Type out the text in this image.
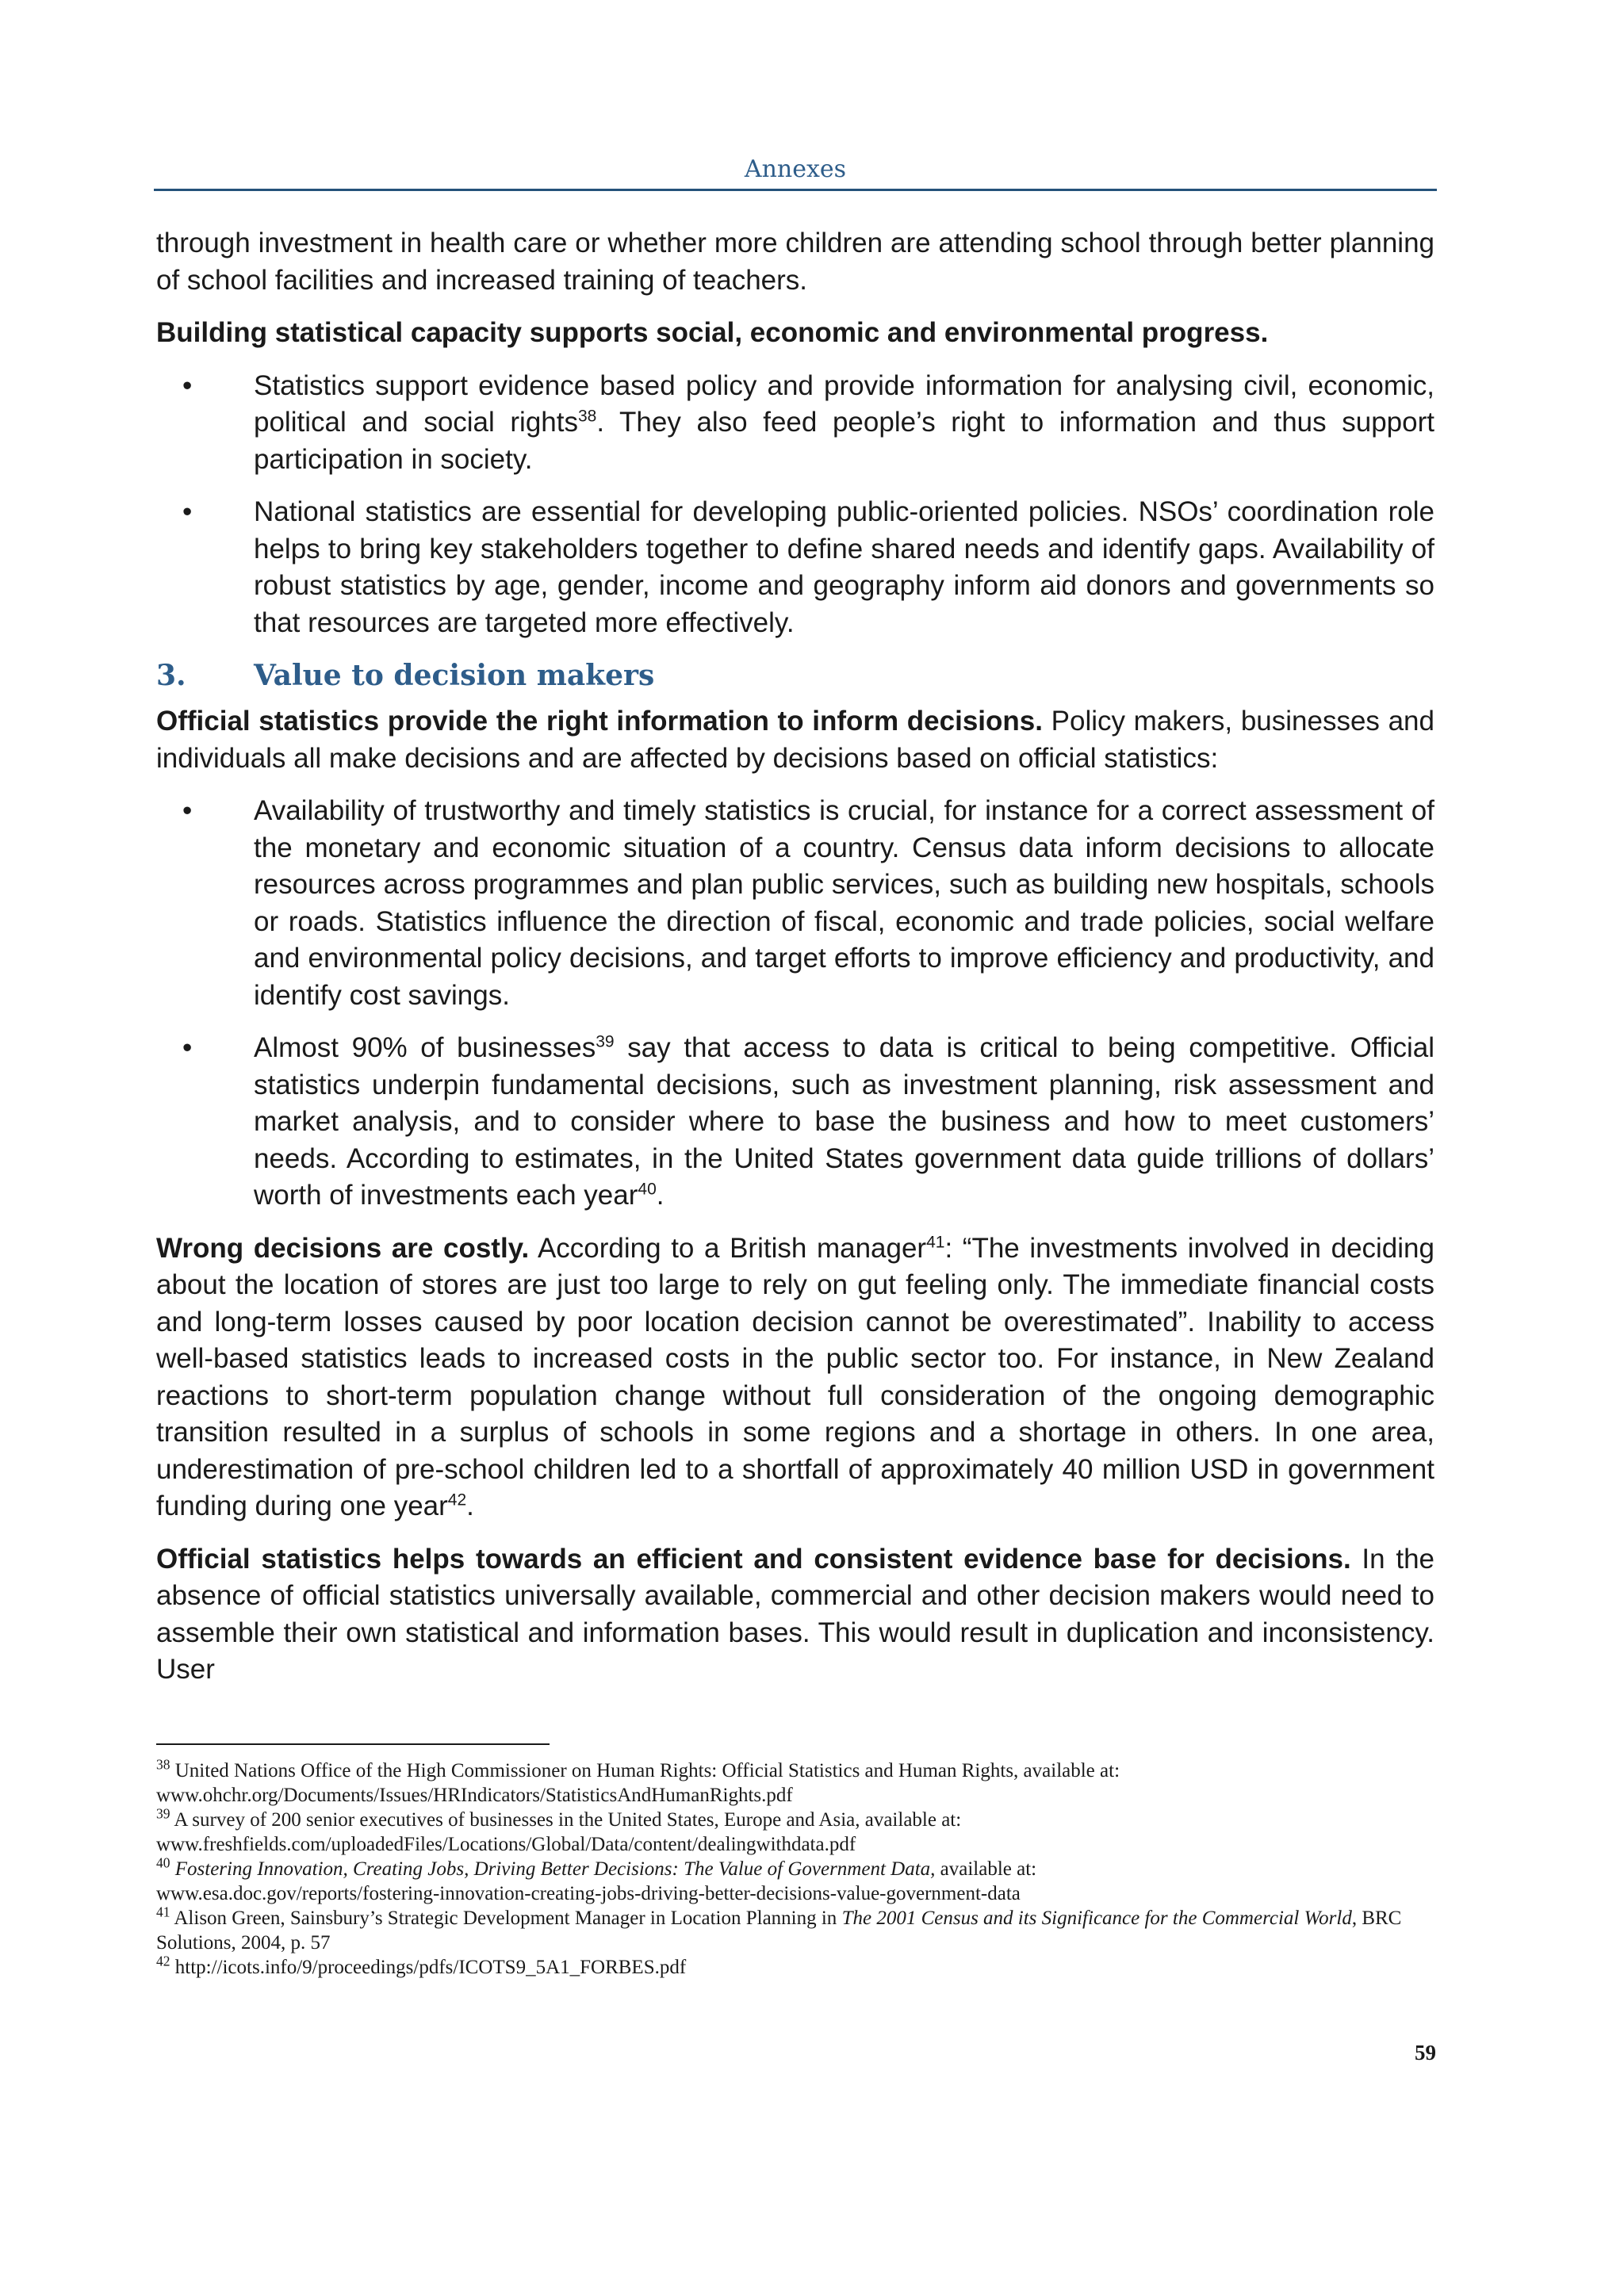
Annexes

through investment in health care or whether more children are attending school through better planning of school facilities and increased training of teachers.

Building statistical capacity supports social, economic and environmental progress.

• Statistics support evidence based policy and provide information for analysing civil, economic, political and social rights$^{38}$. They also feed people’s right to information and thus support participation in society.
• National statistics are essential for developing public-oriented policies. NSOs’ coordination role helps to bring key stakeholders together to define shared needs and identify gaps. Availability of robust statistics by age, gender, income and geography inform aid donors and governments so that resources are targeted more effectively.
3. Value to decision makers

Official statistics provide the right information to inform decisions. Policy makers, businesses and individuals all make decisions and are affected by decisions based on official statistics:

• Availability of trustworthy and timely statistics is crucial, for instance for a correct assessment of the monetary and economic situation of a country. Census data inform decisions to allocate resources across programmes and plan public services, such as building new hospitals, schools or roads. Statistics influence the direction of fiscal, economic and trade policies, social welfare and environmental policy decisions, and target efforts to improve efficiency and productivity, and identify cost savings.
• Almost 90% of businesses$^{39}$ say that access to data is critical to being competitive. Official statistics underpin fundamental decisions, such as investment planning, risk assessment and market analysis, and to consider where to base the business and how to meet customers’ needs. According to estimates, in the United States government data guide trillions of dollars’ worth of investments each year$^{40}$.

Wrong decisions are costly. According to a British manager$^{41}$: “The investments involved in deciding about the location of stores are just too large to rely on gut feeling only. The immediate financial costs and long-term losses caused by poor location decision cannot be overestimated”. Inability to access well-based statistics leads to increased costs in the public sector too. For instance, in New Zealand reactions to short-term population change without full consideration of the ongoing demographic transition resulted in a surplus of schools in some regions and a shortage in others. In one area, underestimation of pre-school children led to a shortfall of approximately 40 million USD in government funding during one year$^{42}$.

Official statistics helps towards an efficient and consistent evidence base for decisions. In the absence of official statistics universally available, commercial and other decision makers would need to assemble their own statistical and information bases. This would result in duplication and inconsistency. User

$^{38}$ United Nations Office of the High Commissioner on Human Rights: Official Statistics and Human Rights, available at:
www.ohchr.org/Documents/Issues/HRIndicators/StatisticsAndHumanRights.pdf

$^{39}$ A survey of 200 senior executives of businesses in the United States, Europe and Asia, available at:
www.freshfields.com/uploadedFiles/Locations/Global/Data/content/dealingwithdata.pdf

$^{40}$ Fostering Innovation, Creating Jobs, Driving Better Decisions: The Value of Government Data, available at:
www.esa.doc.gov/reports/fostering-innovation-creating-jobs-driving-better-decisions-value-government-data

$^{41}$ Alison Green, Sainsbury’s Strategic Development Manager in Location Planning in The 2001 Census and its Significance for the Commercial World, BRC Solutions, 2004, p. 57

$^{42}$ http://icots.info/9/proceedings/pdfs/ICOTS9_5A1_FORBES.pdf

59
